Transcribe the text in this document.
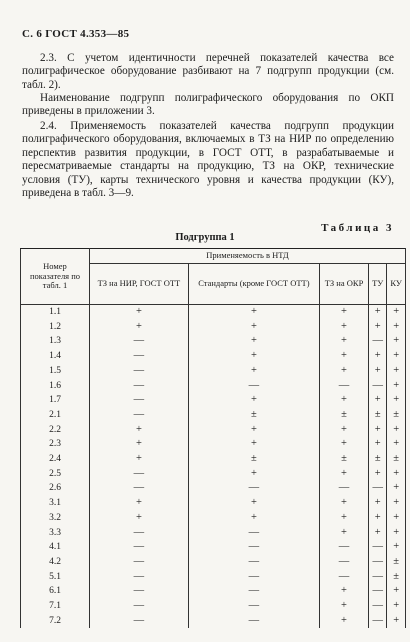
С. 6 ГОСТ 4.353—85
2.3. С учетом идентичности перечней показателей качества все полиграфическое оборудование разбивают на 7 подгрупп продукции (см. табл. 2).
Наименование подгрупп полиграфического оборудования по ОКП приведены в приложении 3.
2.4. Применяемость показателей качества подгрупп продукции полиграфического оборудования, включаемых в ТЗ на НИР по определению перспектив развития продукции, в ГОСТ ОТТ, в разрабатываемые и пересматриваемые стандарты на продукцию, ТЗ на ОКР, технические условия (ТУ), карты технического уровня и качества продукции (КУ), приведена в табл. 3—9.
Таблица 3
Подгруппа 1
Номер показателя по табл. 1	Применяемость в НТД				
	ТЗ на НИР, ГОСТ ОТТ	Стандарты (кроме ГОСТ ОТТ)	ТЗ на ОКР	ТУ	КУ
1.1	+	+	+	+	+
1.2	+	+	+	+	+
1.3	—	+	+	—	+
1.4	—	+	+	+	+
1.5	—	+	+	+	+
1.6	—	—	—	—	+
1.7	—	+	+	+	+
2.1	—	±	±	±	±
2.2	+	+	+	+	+
2.3	+	+	+	+	+
2.4	+	±	±	±	±
2.5	—	+	+	+	+
2.6	—	—	—	—	+
3.1	+	+	+	+	+
3.2	+	+	+	+	+
3.3	—	—	+	+	+
4.1	—	—	—	—	+
4.2	—	—	—	—	±
5.1	—	—	—	—	±
6.1	—	—	+	—	+
7.1	—	—	+	—	+
7.2	—	—	+	—	+
